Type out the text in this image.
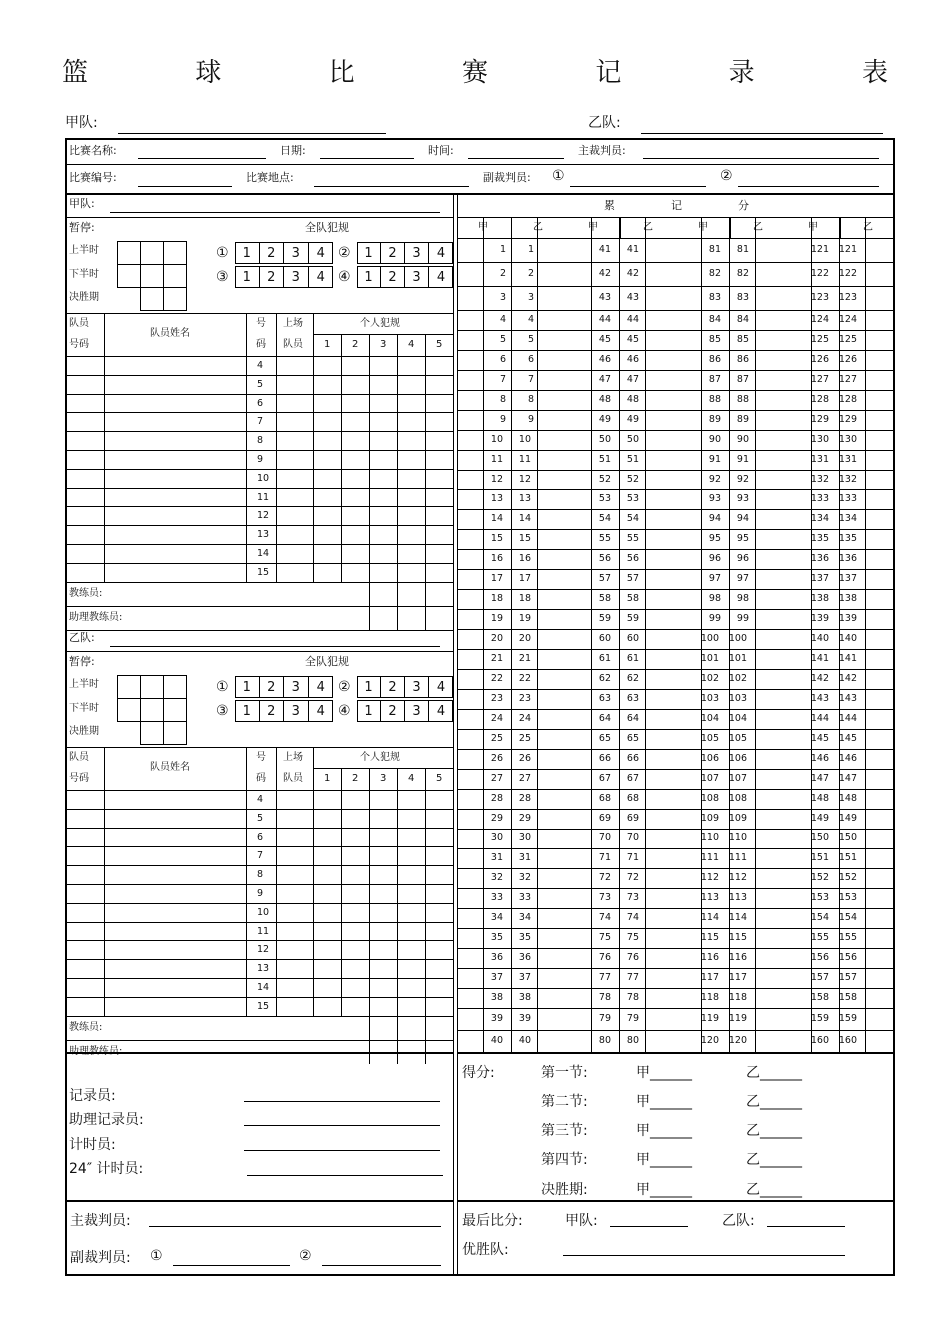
篮	球	比	赛	记	录	表
甲队:	乙队:
比赛名称:	日期:	时间:	主裁判员:
比赛编号:	比赛地点:	副裁判员: ①	②
甲队:
暂停:	全队犯规
上半时
下半时
决胜期
①	1	2	3	4 ②	1	2	3	4
③	1	2	3	4 ④	1	2	3	4
队员
号码
队员姓名
号
码
上场
队员
个人犯规
1 2 3 4 5
4
5
6
7
8
9
10
11
12
13
14
15
教练员:
助理教练员:
乙队:
暂停:	全队犯规
上半时
下半时
决胜期
①	1	2	3	4 ②	1	2	3	4
③	1	2	3	4 ④	1	2	3	4
队员
号码
队员姓名
号
码
上场
队员
个人犯规
1 2 3 4 5
4
5
6
7
8
9
10
11
12
13
14
15
教练员:
助理教练员:
累	记	分
甲	乙	甲	乙	甲	乙	甲	乙
1	1	41	41	81	81	121 121
2	2	42	42	82	82	122 122
3	3	43	43	83	83	123 123
4	4	44	44	84	84	124 124
5	5	45	45	85	85	125 125
6	6	46	46	86	86	126 126
7	7	47	47	87	87	127 127
8	8	48	48	88	88	128 128
9	9	49	49	89	89	129 129
10	10	50	50	90	90	130 130
11	11	51	51	91	91	131 131
12	12	52	52	92	92	132 132
13	13	53	53	93	93	133 133
14	14	54	54	94	94	134 134
15	15	55	55	95	95	135 135
16	16	56	56	96	96	136 136
17	17	57	57	97	97	137 137
18	18	58	58	98	98	138 138
19	19	59	59	99	99	139 139
20	20	60	60	100 100	140 140
21	21	61	61	101 101	141 141
22	22	62	62	102 102	142 142
23	23	63	63	103 103	143 143
24	24	64	64	104 104	144 144
25	25	65	65	105 105	145 145
26	26	66	66	106 106	146 146
27	27	67	67	107 107	147 147
28	28	68	68	108 108	148 148
29	29	69	69	109 109	149 149
30	30	70	70	110 110	150 150
31	31	71	71	111 111	151 151
32	32	72	72	112 112	152 152
33	33	73	73	113 113	153 153
34	34	74	74	114 114	154 154
35	35	75	75	115 115	155 155
36	36	76	76	116 116	156 156
37	37	77	77	117 117	157 157
38	38	78	78	118 118	158 158
39	39	79	79	119 119	159 159
40	40	80	80	120 120	160 160
记录员:
助理记录员:
计时员:
24″ 计时员:
得分:	第一节:	甲______	乙______
第二节:	甲______	乙______
第三节:	甲______	乙______
第四节:	甲______	乙______
决胜期:	甲______	乙______
主裁判员:
副裁判员: ①	②
最后比分:	甲队:	乙队:
优胜队:
